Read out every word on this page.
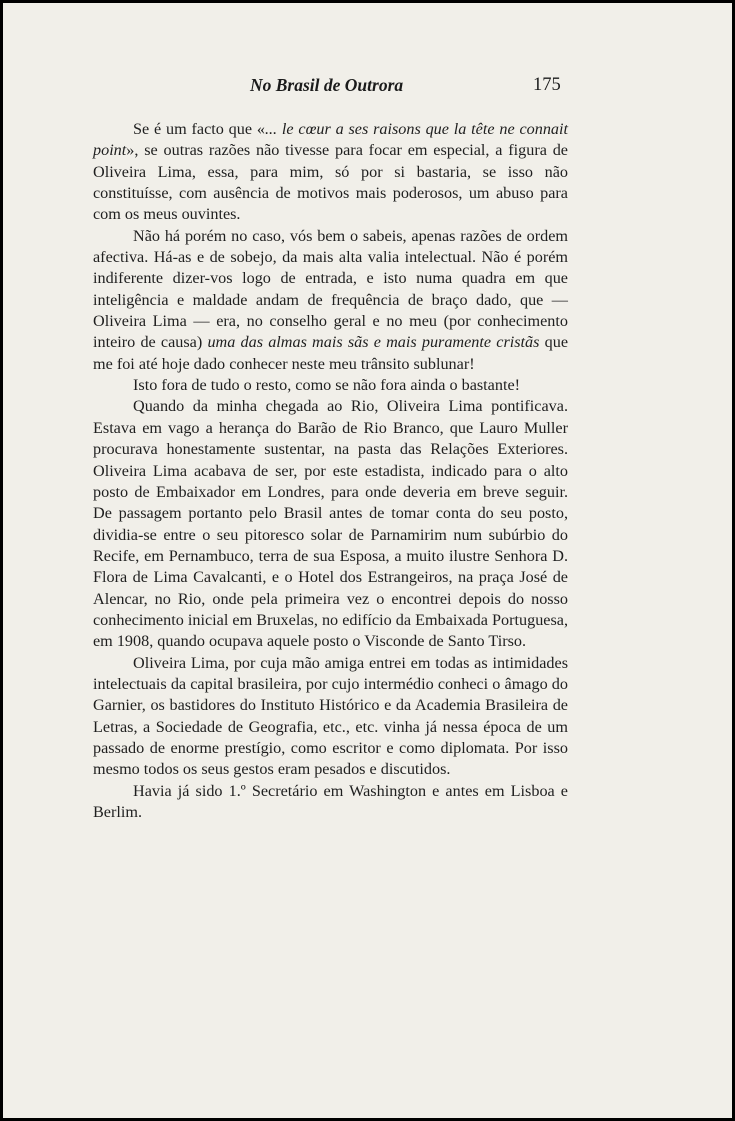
No Brasil de Outrora	175

Se é um facto que «... le cœur a ses raisons que la tête ne connait point», se outras razões não tivesse para focar em especial, a figura de Oliveira Lima, essa, para mim, só por si bastaria, se isso não constituísse, com ausência de motivos mais poderosos, um abuso para com os meus ouvintes.

Não há porém no caso, vós bem o sabeis, apenas razões de ordem afectiva. Há-as e de sobejo, da mais alta valia intelectual. Não é porém indiferente dizer-vos logo de entrada, e isto numa quadra em que inteligência e maldade andam de frequência de braço dado, que — Oliveira Lima — era, no conselho geral e no meu (por conhecimento inteiro de causa) uma das almas mais sãs e mais puramente cristãs que me foi até hoje dado conhecer neste meu trânsito sublunar!

Isto fora de tudo o resto, como se não fora ainda o bastante!

Quando da minha chegada ao Rio, Oliveira Lima pontificava. Estava em vago a herança do Barão de Rio Branco, que Lauro Muller procurava honestamente sustentar, na pasta das Relações Exteriores. Oliveira Lima acabava de ser, por este estadista, indicado para o alto posto de Embaixador em Londres, para onde deveria em breve seguir. De passagem portanto pelo Brasil antes de tomar conta do seu posto, dividia-se entre o seu pitoresco solar de Parnamirim num subúrbio do Recife, em Pernambuco, terra de sua Esposa, a muito ilustre Senhora D. Flora de Lima Cavalcanti, e o Hotel dos Estrangeiros, na praça José de Alencar, no Rio, onde pela primeira vez o encontrei depois do nosso conhecimento inicial em Bruxelas, no edifício da Embaixada Portuguesa, em 1908, quando ocupava aquele posto o Visconde de Santo Tirso.

Oliveira Lima, por cuja mão amiga entrei em todas as intimidades intelectuais da capital brasileira, por cujo intermédio conheci o âmago do Garnier, os bastidores do Instituto Histórico e da Academia Brasileira de Letras, a Sociedade de Geografia, etc., etc. vinha já nessa época de um passado de enorme prestígio, como escritor e como diplomata. Por isso mesmo todos os seus gestos eram pesados e discutidos.

Havia já sido 1.º Secretário em Washington e antes em Lisboa e Berlim.
